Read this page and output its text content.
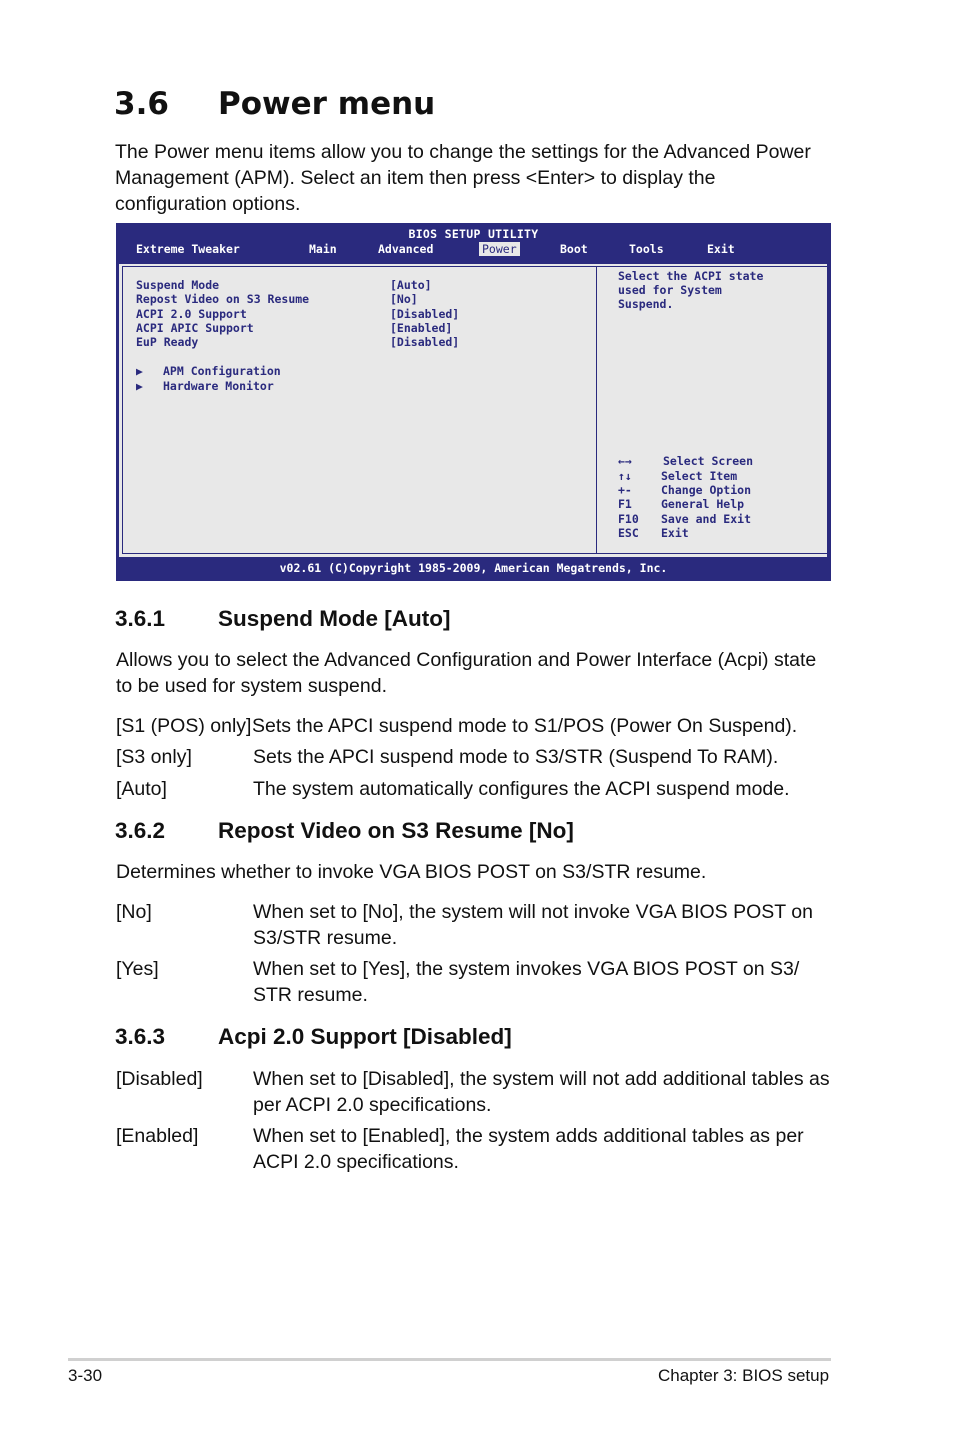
3.6 Power menu
The Power menu items allow you to change the settings for the Advanced Power Management (APM). Select an item then press <Enter> to display the configuration options.
BIOS SETUP UTILITY
Extreme Tweaker	Main	Advanced	Power	Boot	Tools	Exit
Suspend Mode	[Auto]
Repost Video on S3 Resume	[No]
ACPI 2.0 Support	[Disabled]
ACPI APIC Support	[Enabled]
EuP Ready	[Disabled]
▶ APM Configuration
▶ Hardware Monitor
Select the ACPI state
used for System
Suspend.
←→	Select Screen
↑↓	Select Item
+-	Change Option
F1	General Help
F10 Save and Exit
ESC Exit
v02.61 (C)Copyright 1985-2009, American Megatrends, Inc.
3.6.1 Suspend Mode [Auto]
Allows you to select the Advanced Configuration and Power Interface (Acpi) state to be used for system suspend.
[S1 (POS) only] Sets the APCI suspend mode to S1/POS (Power On Suspend).
[S3 only]	Sets the APCI suspend mode to S3/STR (Suspend To RAM).
[Auto]	The system automatically configures the ACPI suspend mode.
3.6.2 Repost Video on S3 Resume [No]
Determines whether to invoke VGA BIOS POST on S3/STR resume.
[No]	When set to [No], the system will not invoke VGA BIOS POST on S3/STR resume.
[Yes]	When set to [Yes], the system invokes VGA BIOS POST on S3/ STR resume.
3.6.3 Acpi 2.0 Support [Disabled]
[Disabled]	When set to [Disabled], the system will not add additional tables as per ACPI 2.0 specifications.
[Enabled]	When set to [Enabled], the system adds additional tables as per ACPI 2.0 specifications.
3-30	Chapter 3: BIOS setup
